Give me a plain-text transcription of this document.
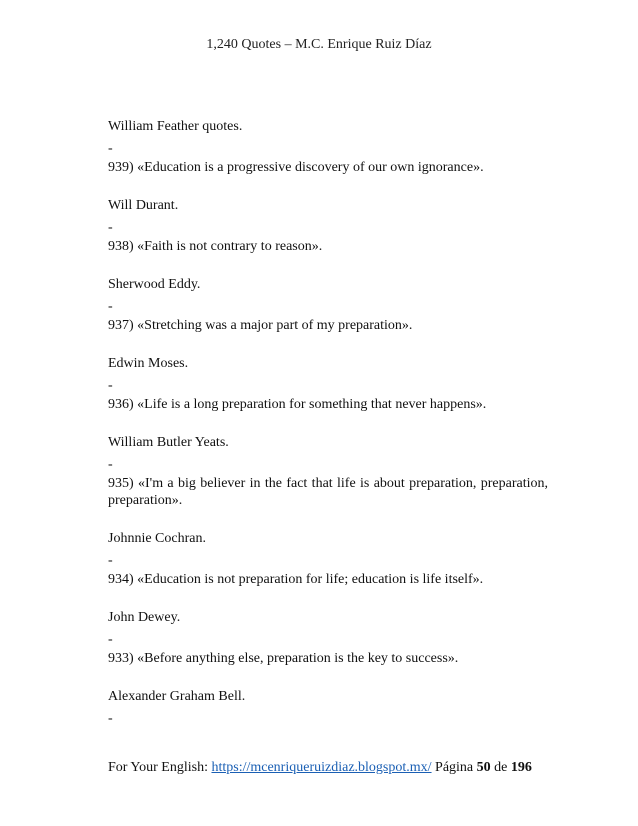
1,240 Quotes – M.C. Enrique Ruiz Díaz

William Feather quotes.

-

939) «Education is a progressive discovery of our own ignorance».

Will Durant.

-

938) «Faith is not contrary to reason».

Sherwood Eddy.

-

937) «Stretching was a major part of my preparation».

Edwin Moses.

-

936) «Life is a long preparation for something that never happens».

William Butler Yeats.

-

935) «I'm a big believer in the fact that life is about preparation, preparation, preparation».

Johnnie Cochran.

-

934) «Education is not preparation for life; education is life itself».

John Dewey.

-

933) «Before anything else, preparation is the key to success».

Alexander Graham Bell.

-

For Your English: https://mcenriqueruizdiaz.blogspot.mx/ Página 50 de 196
